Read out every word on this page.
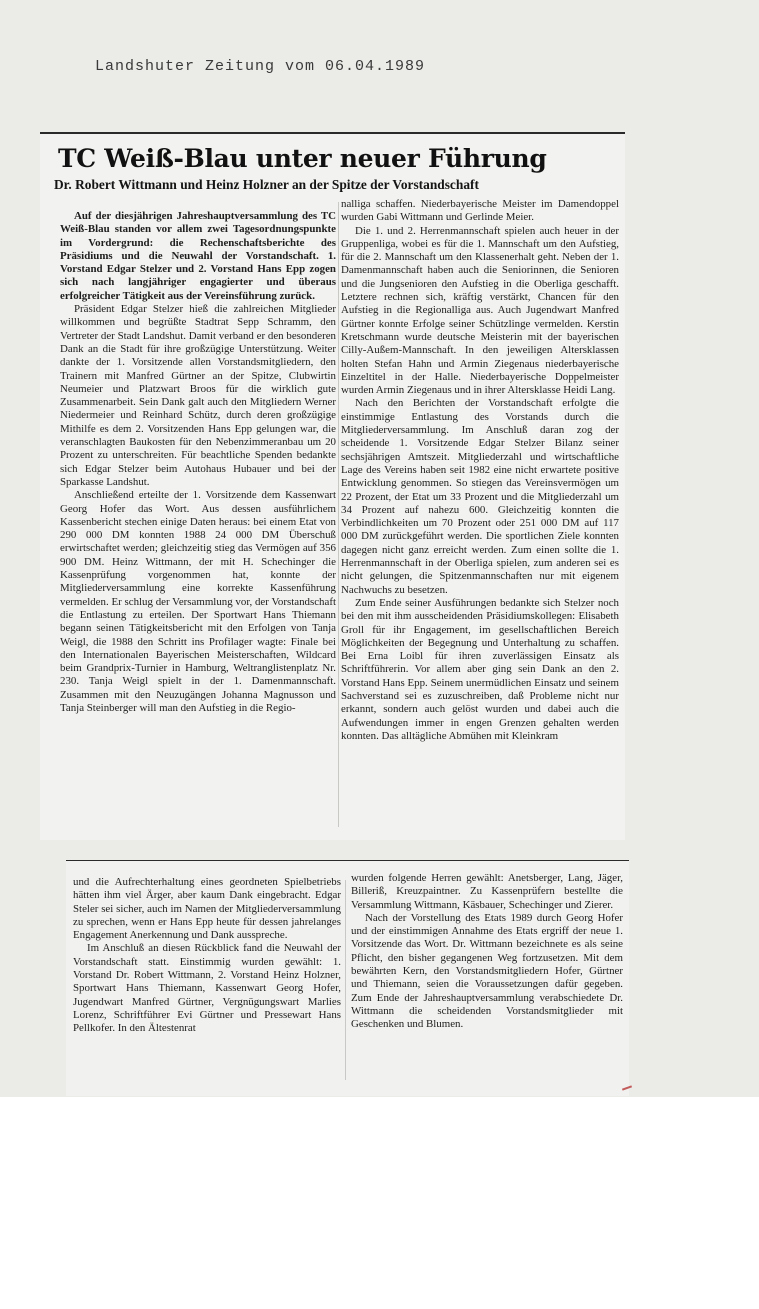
Landshuter Zeitung vom 06.04.1989
TC Weiß-Blau unter neuer Führung
Dr. Robert Wittmann und Heinz Holzner an der Spitze der Vorstandschaft

Auf der diesjährigen Jahreshauptversammlung des TC Weiß-Blau standen vor allem zwei Tagesordnungspunkte im Vordergrund: die Rechenschaftsberichte des Präsidiums und die Neuwahl der Vorstandschaft. 1. Vorstand Edgar Stelzer und 2. Vorstand Hans Epp zogen sich nach langjähriger engagierter und überaus erfolgreicher Tätigkeit aus der Vereinsführung zurück.

Präsident Edgar Stelzer hieß die zahlreichen Mitglieder willkommen und begrüßte Stadtrat Sepp Schramm, den Vertreter der Stadt Landshut. Damit verband er den besonderen Dank an die Stadt für ihre großzügige Unterstützung. Weiter dankte der 1. Vorsitzende allen Vorstandsmitgliedern, den Trainern mit Manfred Gürtner an der Spitze, Clubwirtin Neumeier und Platzwart Broos für die wirklich gute Zusammenarbeit. Sein Dank galt auch den Mitgliedern Werner Niedermeier und Reinhard Schütz, durch deren großzügige Mithilfe es dem 2. Vorsitzenden Hans Epp gelungen war, die veranschlagten Baukosten für den Nebenzimmeranbau um 20 Prozent zu unterschreiten. Für beachtliche Spenden bedankte sich Edgar Stelzer beim Autohaus Hubauer und bei der Sparkasse Landshut.

Anschließend erteilte der 1. Vorsitzende dem Kassenwart Georg Hofer das Wort. Aus dessen ausführlichem Kassenbericht stechen einige Daten heraus: bei einem Etat von 290 000 DM konnten 1988 24 000 DM Überschuß erwirtschaftet werden; gleichzeitig stieg das Vermögen auf 356 900 DM. Heinz Wittmann, der mit H. Schechinger die Kassenprüfung vorgenommen hat, konnte der Mitgliederversammlung eine korrekte Kassenführung vermelden. Er schlug der Versammlung vor, der Vorstandschaft die Entlastung zu erteilen. Der Sportwart Hans Thiemann begann seinen Tätigkeitsbericht mit den Erfolgen von Tanja Weigl, die 1988 den Schritt ins Profilager wagte: Finale bei den Internationalen Bayerischen Meisterschaften, Wildcard beim Grandprix-Turnier in Hamburg, Weltranglistenplatz Nr. 230. Tanja Weigl spielt in der 1. Damenmannschaft. Zusammen mit den Neuzugängen Johanna Magnusson und Tanja Steinberger will man den Aufstieg in die Regio-

nalliga schaffen. Niederbayerische Meister im Damendoppel wurden Gabi Wittmann und Gerlinde Meier.

Die 1. und 2. Herrenmannschaft spielen auch heuer in der Gruppenliga, wobei es für die 1. Mannschaft um den Aufstieg, für die 2. Mannschaft um den Klassenerhalt geht. Neben der 1. Damenmannschaft haben auch die Seniorinnen, die Senioren und die Jungsenioren den Aufstieg in die Oberliga geschafft. Letztere rechnen sich, kräftig verstärkt, Chancen für den Aufstieg in die Regionalliga aus. Auch Jugendwart Manfred Gürtner konnte Erfolge seiner Schützlinge vermelden. Kerstin Kretschmann wurde deutsche Meisterin mit der bayerischen Cilly-Außem-Mannschaft. In den jeweiligen Altersklassen holten Stefan Hahn und Armin Ziegenaus niederbayerische Einzeltitel in der Halle. Niederbayerische Doppelmeister wurden Armin Ziegenaus und in ihrer Altersklasse Heidi Lang.

Nach den Berichten der Vorstandschaft erfolgte die einstimmige Entlastung des Vorstands durch die Mitgliederversammlung. Im Anschluß daran zog der scheidende 1. Vorsitzende Edgar Stelzer Bilanz seiner sechsjährigen Amtszeit. Mitgliederzahl und wirtschaftliche Lage des Vereins haben seit 1982 eine nicht erwartete positive Entwicklung genommen. So stiegen das Vereinsvermögen um 22 Prozent, der Etat um 33 Prozent und die Mitgliederzahl um 34 Prozent auf nahezu 600. Gleichzeitig konnten die Verbindlichkeiten um 70 Prozent oder 251 000 DM auf 117 000 DM zurückgeführt werden. Die sportlichen Ziele konnten dagegen nicht ganz erreicht werden. Zum einen sollte die 1. Herrenmannschaft in der Oberliga spielen, zum anderen sei es nicht gelungen, die Spitzenmannschaften nur mit eigenem Nachwuchs zu besetzen.

Zum Ende seiner Ausführungen bedankte sich Stelzer noch bei den mit ihm ausscheidenden Präsidiumskollegen: Elisabeth Groll für ihr Engagement, im gesellschaftlichen Bereich Möglichkeiten der Begegnung und Unterhaltung zu schaffen. Bei Erna Loibl für ihren zuverlässigen Einsatz als Schriftführerin. Vor allem aber ging sein Dank an den 2. Vorstand Hans Epp. Seinem unermüdlichen Einsatz und seinem Sachverstand sei es zuzuschreiben, daß Probleme nicht nur erkannt, sondern auch gelöst wurden und dabei auch die Aufwendungen immer in engen Grenzen gehalten werden konnten. Das alltägliche Abmühen mit Kleinkram

und die Aufrechterhaltung eines geordneten Spielbetriebs hätten ihm viel Ärger, aber kaum Dank eingebracht. Edgar Steler sei sicher, auch im Namen der Mitgliederversammlung zu sprechen, wenn er Hans Epp heute für dessen jahrelanges Engagement Anerkennung und Dank ausspreche.

Im Anschluß an diesen Rückblick fand die Neuwahl der Vorstandschaft statt. Einstimmig wurden gewählt: 1. Vorstand Dr. Robert Wittmann, 2. Vorstand Heinz Holzner, Sportwart Hans Thiemann, Kassenwart Georg Hofer, Jugendwart Manfred Gürtner, Vergnügungswart Marlies Lorenz, Schriftführer Evi Gürtner und Pressewart Hans Pellkofer. In den Ältestenrat

wurden folgende Herren gewählt: Anetsberger, Lang, Jäger, Billeriß, Kreuzpaintner. Zu Kassenprüfern bestellte die Versammlung Wittmann, Käsbauer, Schechinger und Zierer.

Nach der Vorstellung des Etats 1989 durch Georg Hofer und der einstimmigen Annahme des Etats ergriff der neue 1. Vorsitzende das Wort. Dr. Wittmann bezeichnete es als seine Pflicht, den bisher gegangenen Weg fortzusetzen. Mit dem bewährten Kern, den Vorstandsmitgliedern Hofer, Gürtner und Thiemann, seien die Voraussetzungen dafür gegeben. Zum Ende der Jahreshauptversammlung verabschiedete Dr. Wittmann die scheidenden Vorstandsmitglieder mit Geschenken und Blumen.
